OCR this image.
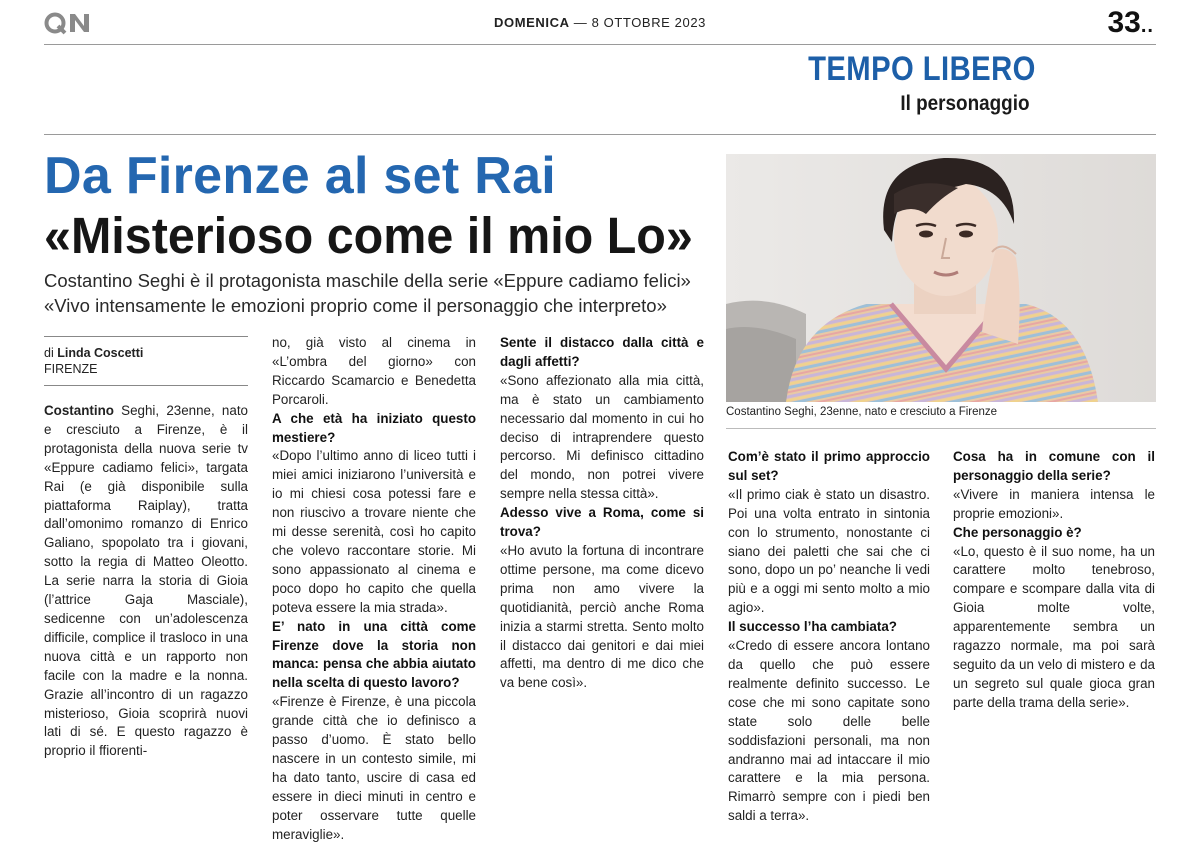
DOMENICA — 8 OTTOBRE 2023	33..
TEMPO LIBERO
Il personaggio
Da Firenze al set Rai
«Misterioso come il mio Lo»
Costantino Seghi è il protagonista maschile della serie «Eppure cadiamo felici»
«Vivo intensamente le emozioni proprio come il personaggio che interpreto»
Costantino Seghi, 23enne, nato e cresciuto a Firenze
di Linda Coscetti
FIRENZE

Costantino Seghi, 23enne, nato e cresciuto a Firenze, è il protagonista della nuova serie tv «Eppure cadiamo felici», targata Rai (e già disponibile sulla piattaforma Raiplay), tratta dall’omonimo romanzo di Enrico Galiano, spopolato tra i giovani, sotto la regia di Matteo Oleotto. La serie narra la storia di Gioia (l’attrice Gaja Masciale), sedicenne con un’adolescenza difficile, complice il trasloco in una nuova città e un rapporto non facile con la madre e la nonna. Grazie all’incontro di un ragazzo misterioso, Gioia scoprirà nuovi lati di sé. E questo ragazzo è proprio il ffiorenti-

no, già visto al cinema in «L’ombra del giorno» con Riccardo Scamarcio e Benedetta Porcaroli.

A che età ha iniziato questo mestiere?

«Dopo l’ultimo anno di liceo tutti i miei amici iniziarono l’università e io mi chiesi cosa potessi fare e non riuscivo a trovare niente che mi desse serenità, così ho capito che volevo raccontare storie. Mi sono appassionato al cinema e poco dopo ho capito che quella poteva essere la mia strada».

E’ nato in una città come Firenze dove la storia non manca: pensa che abbia aiutato nella scelta di questo lavoro?

«Firenze è Firenze, è una piccola grande città che io definisco a passo d’uomo. È stato bello nascere in un contesto simile, mi ha dato tanto, uscire di casa ed essere in dieci minuti in centro e poter osservare tutte quelle meraviglie».

Sente il distacco dalla città e dagli affetti?

«Sono affezionato alla mia città, ma è stato un cambiamento necessario dal momento in cui ho deciso di intraprendere questo percorso. Mi definisco cittadino del mondo, non potrei vivere sempre nella stessa città».

Adesso vive a Roma, come si trova?

«Ho avuto la fortuna di incontrare ottime persone, ma come dicevo prima non amo vivere la quotidianità, perciò anche Roma inizia a starmi stretta. Sento molto il distacco dai genitori e dai miei affetti, ma dentro di me dico che va bene così».

Com’è stato il primo approccio sul set?

«Il primo ciak è stato un disastro. Poi una volta entrato in sintonia con lo strumento, nonostante ci siano dei paletti che sai che ci sono, dopo un po’ neanche li vedi più e a oggi mi sento molto a mio agio».

Il successo l’ha cambiata?

«Credo di essere ancora lontano da quello che può essere realmente definito successo. Le cose che mi sono capitate sono state solo delle belle soddisfazioni personali, ma non andranno mai ad intaccare il mio carattere e la mia persona. Rimarrò sempre con i piedi ben saldi a terra».

Cosa ha in comune con il personaggio della serie?

«Vivere in maniera intensa le proprie emozioni».

Che personaggio è?

«Lo, questo è il suo nome, ha un carattere molto tenebroso, compare e scompare dalla vita di Gioia molte volte, apparentemente sembra un ragazzo normale, ma poi sarà seguito da un velo di mistero e da un segreto sul quale gioca gran parte della trama della serie».
